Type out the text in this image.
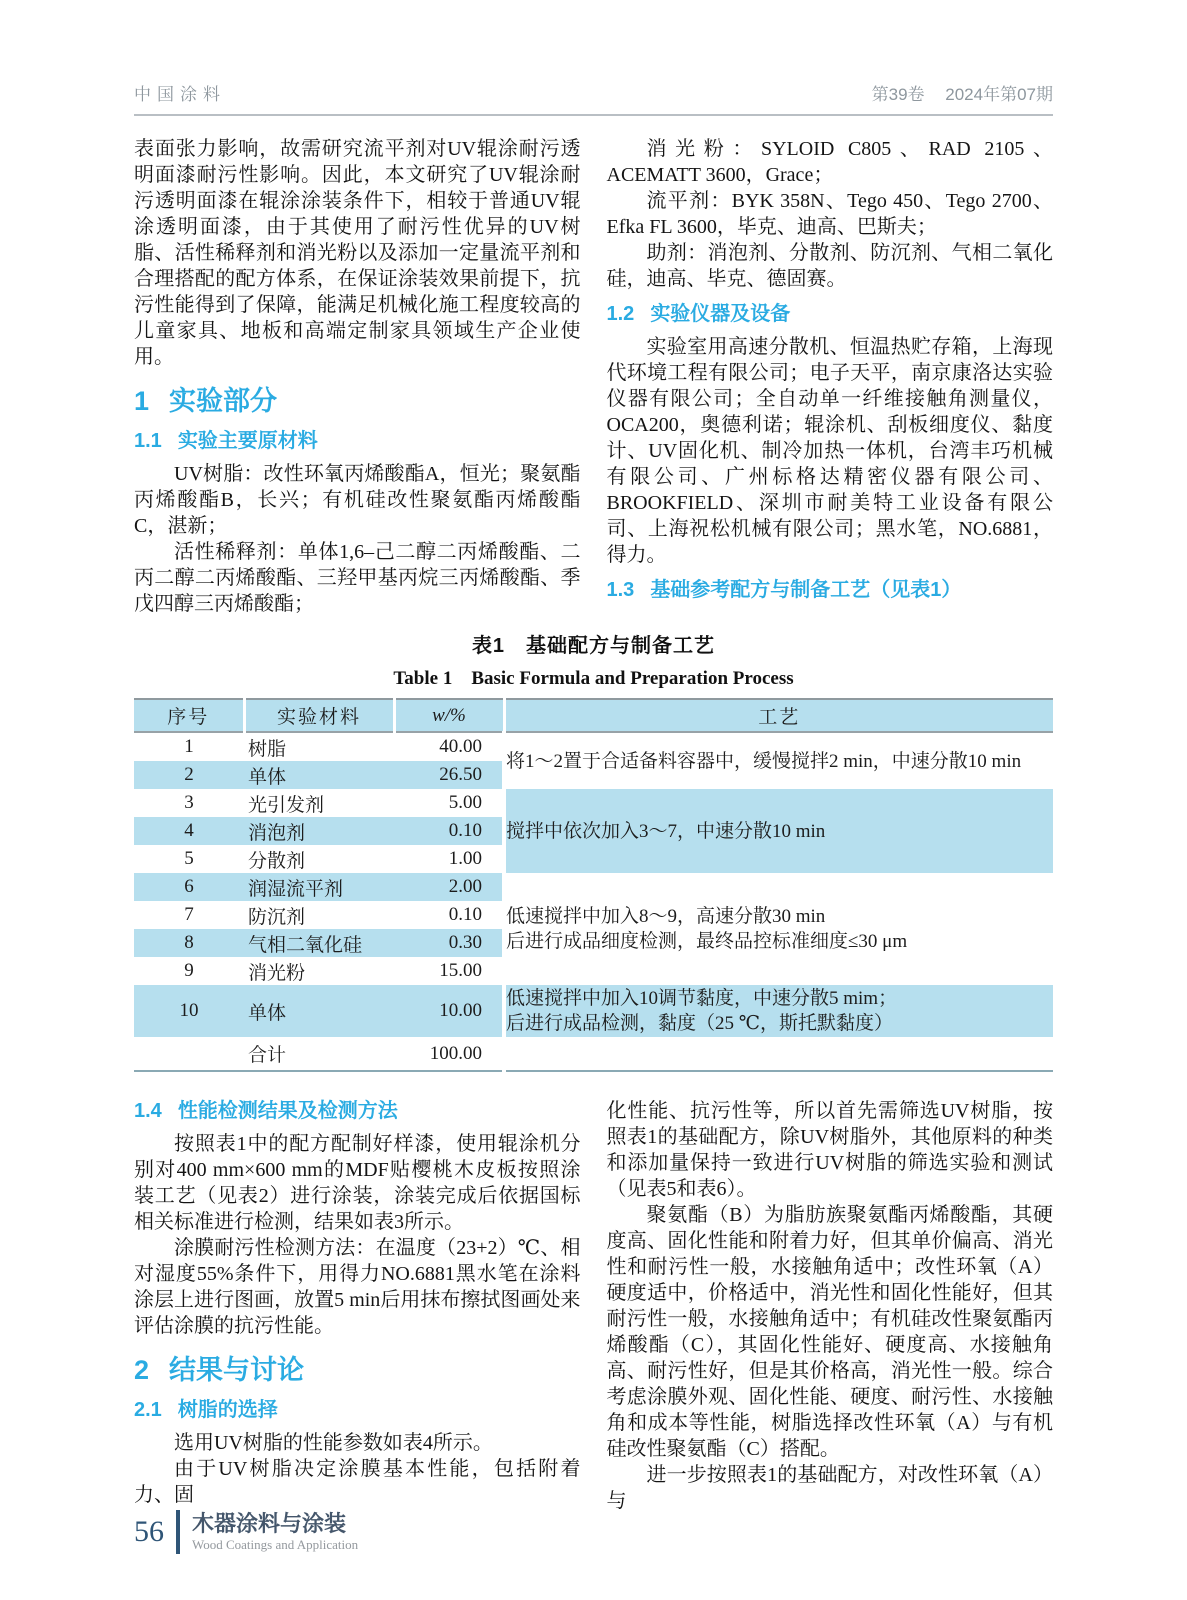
中国涂料	第39卷 2024年第07期

表面张力影响，故需研究流平剂对UV辊涂耐污透明面漆耐污性影响。因此，本文研究了UV辊涂耐污透明面漆在辊涂涂装条件下，相较于普通UV辊涂透明面漆，由于其使用了耐污性优异的UV树脂、活性稀释剂和消光粉以及添加一定量流平剂和合理搭配的配方体系，在保证涂装效果前提下，抗污性能得到了保障，能满足机械化施工程度较高的儿童家具、地板和高端定制家具领域生产企业使用。

1 实验部分
1.1 实验主要原材料

UV树脂：改性环氧丙烯酸酯A，恒光；聚氨酯丙烯酸酯B，长兴；有机硅改性聚氨酯丙烯酸酯C，湛新；

活性稀释剂：单体1,6–己二醇二丙烯酸酯、二丙二醇二丙烯酸酯、三羟甲基丙烷三丙烯酸酯、季戊四醇三丙烯酸酯；

消光粉：SYLOID C805、RAD 2105、ACEMATT 3600，Grace；

流平剂：BYK 358N、Tego 450、Tego 2700、Efka FL 3600，毕克、迪高、巴斯夫；

助剂：消泡剂、分散剂、防沉剂、气相二氧化硅，迪高、毕克、德固赛。

1.2 实验仪器及设备

实验室用高速分散机、恒温热贮存箱，上海现代环境工程有限公司；电子天平，南京康洛达实验仪器有限公司；全自动单一纤维接触角测量仪，OCA200，奥德利诺；辊涂机、刮板细度仪、黏度计、UV固化机、制冷加热一体机，台湾丰巧机械有限公司、广州标格达精密仪器有限公司、BROOKFIELD、深圳市耐美特工业设备有限公司、上海祝松机械有限公司；黑水笔，NO.6881，得力。

1.3 基础参考配方与制备工艺（见表1）

表1　基础配方与制备工艺

Table 1　Basic Formula and Preparation Process

序号	实验材料	w/%	工艺
1	树脂	40.00	将1～2置于合适备料容器中，缓慢搅拌2 min，中速分散10 min

2	单体	26.50	
3	光引发剂	5.00	搅拌中依次加入3～7，中速分散10 min

4	消泡剂	0.10	
5	分散剂	1.00	
6	润湿流平剂	2.00	低速搅拌中加入8～9，高速分散30 min
后进行成品细度检测，最终品控标准细度≤30 μm

7	防沉剂	0.10	
8	气相二氧化硅	0.30	
9	消光粉	15.00	
10	单体	10.00	低速搅拌中加入10调节黏度，中速分散5 mim；
后进行成品检测，黏度（25 ℃，斯托默黏度）

	合计	100.00	
1.4 性能检测结果及检测方法

按照表1中的配方配制好样漆，使用辊涂机分别对400 mm×600 mm的MDF贴樱桃木皮板按照涂装工艺（见表2）进行涂装，涂装完成后依据国标相关标准进行检测，结果如表3所示。

涂膜耐污性检测方法：在温度（23+2）℃、相对湿度55%条件下，用得力NO.6881黑水笔在涂料涂层上进行图画，放置5 min后用抹布擦拭图画处来评估涂膜的抗污性能。

2 结果与讨论
2.1 树脂的选择

选用UV树脂的性能参数如表4所示。

由于UV树脂决定涂膜基本性能，包括附着力、固

化性能、抗污性等，所以首先需筛选UV树脂，按照表1的基础配方，除UV树脂外，其他原料的种类和添加量保持一致进行UV树脂的筛选实验和测试（见表5和表6）。

聚氨酯（B）为脂肪族聚氨酯丙烯酸酯，其硬度高、固化性能和附着力好，但其单价偏高、消光性和耐污性一般，水接触角适中；改性环氧（A）硬度适中，价格适中，消光性和固化性能好，但其耐污性一般，水接触角适中；有机硅改性聚氨酯丙烯酸酯（C），其固化性能好、硬度高、水接触角高、耐污性好，但是其价格高，消光性一般。综合考虑涂膜外观、固化性能、硬度、耐污性、水接触角和成本等性能，树脂选择改性环氧（A）与有机硅改性聚氨酯（C）搭配。

进一步按照表1的基础配方，对改性环氧（A）与

56 木器涂料与涂装
Wood Coatings and Application
